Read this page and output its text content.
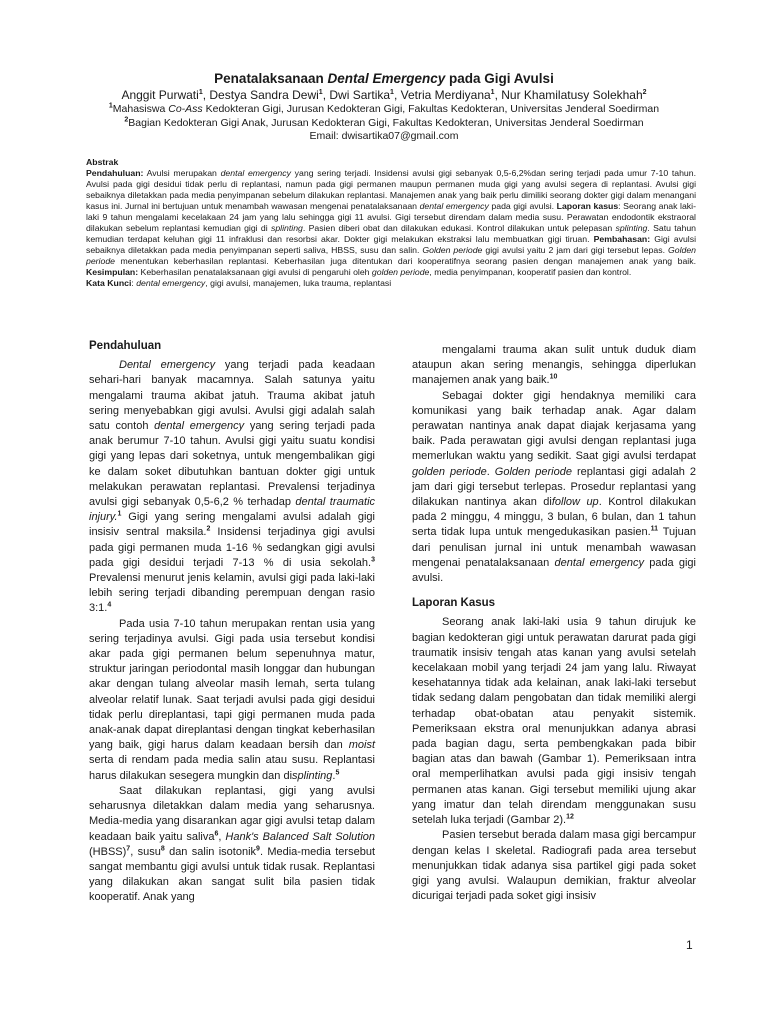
Penatalaksanaan Dental Emergency pada Gigi Avulsi
Anggit Purwati$^1$, Destya Sandra Dewi$^1$, Dwi Sartika$^1$, Vetria Merdiyana$^1$, Nur Khamilatusy Solekhah$^2$
$^1$Mahasiswa Co-Ass Kedokteran Gigi, Jurusan Kedokteran Gigi, Fakultas Kedokteran, Universitas Jenderal Soedirman
$^2$Bagian Kedokteran Gigi Anak, Jurusan Kedokteran Gigi, Fakultas Kedokteran, Universitas Jenderal Soedirman
Email: dwisartika07@gmail.com
Abstrak
Pendahuluan: Avulsi merupakan dental emergency yang sering terjadi. Insidensi avulsi gigi sebanyak 0,5-6,2%dan sering terjadi pada umur 7-10 tahun. Avulsi pada gigi desidui tidak perlu di replantasi, namun pada gigi permanen maupun permanen muda gigi yang avulsi segera di replantasi. Avulsi gigi sebaiknya diletakkan pada media penyimpanan sebelum dilakukan replantasi. Manajemen anak yang baik perlu dimiliki seorang dokter gigi dalam menangani kasus ini. Jurnal ini bertujuan untuk menambah wawasan mengenai penatalaksanaan dental emergency pada gigi avulsi. Laporan kasus: Seorang anak laki-laki 9 tahun mengalami kecelakaan 24 jam yang lalu sehingga gigi 11 avulsi. Gigi tersebut direndam dalam media susu. Perawatan endodontik ekstraoral dilakukan sebelum replantasi kemudian gigi di splinting. Pasien diberi obat dan dilakukan edukasi. Kontrol dilakukan untuk pelepasan splinting. Satu tahun kemudian terdapat keluhan gigi 11 infraklusi dan resorbsi akar. Dokter gigi melakukan ekstraksi lalu membuatkan gigi tiruan. Pembahasan: Gigi avulsi sebaiknya diletakkan pada media penyimpanan seperti saliva, HBSS, susu dan salin. Golden periode gigi avulsi yaitu 2 jam dari gigi tersebut lepas. Golden periode menentukan keberhasilan replantasi. Keberhasilan juga ditentukan dari kooperatifnya seorang pasien dengan manajemen anak yang baik. Kesimpulan: Keberhasilan penatalaksanaan gigi avulsi di pengaruhi oleh golden periode, media penyimpanan, kooperatif pasien dan kontrol.
Kata Kunci: dental emergency, gigi avulsi, manajemen, luka trauma, replantasi
Pendahuluan

Dental emergency yang terjadi pada keadaan sehari-hari banyak macamnya. Salah satunya yaitu mengalami trauma akibat jatuh. Trauma akibat jatuh sering menyebabkan gigi avulsi. Avulsi gigi adalah salah satu contoh dental emergency yang sering terjadi pada anak berumur 7-10 tahun. Avulsi gigi yaitu suatu kondisi gigi yang lepas dari soketnya, untuk mengembalikan gigi ke dalam soket dibutuhkan bantuan dokter gigi untuk melakukan perawatan replantasi. Prevalensi terjadinya avulsi gigi sebanyak 0,5-6,2 % terhadap dental traumatic injury.$^1$ Gigi yang sering mengalami avulsi adalah gigi insisiv sentral maksila.$^2$ Insidensi terjadinya gigi avulsi pada gigi permanen muda 1-16 % sedangkan gigi avulsi pada gigi desidui terjadi 7-13 % di usia sekolah.$^3$ Prevalensi menurut jenis kelamin, avulsi gigi pada laki-laki lebih sering terjadi dibanding perempuan dengan rasio 3:1.$^4$

Pada usia 7-10 tahun merupakan rentan usia yang sering terjadinya avulsi. Gigi pada usia tersebut kondisi akar pada gigi permanen belum sepenuhnya matur, struktur jaringan periodontal masih longgar dan hubungan akar dengan tulang alveolar masih lemah, serta tulang alveolar relatif lunak. Saat terjadi avulsi pada gigi desidui tidak perlu direplantasi, tapi gigi permanen muda pada anak-anak dapat direplantasi dengan tingkat keberhasilan yang baik, gigi harus dalam keadaan bersih dan moist serta di rendam pada media salin atau susu. Replantasi harus dilakukan sesegera mungkin dan displinting.$^5$

Saat dilakukan replantasi, gigi yang avulsi seharusnya diletakkan dalam media yang seharusnya. Media-media yang disarankan agar gigi avulsi tetap dalam keadaan baik yaitu saliva$^6$, Hank's Balanced Salt Solution (HBSS)$^7$, susu$^8$ dan salin isotonik$^9$. Media-media tersebut sangat membantu gigi avulsi untuk tidak rusak. Replantasi yang dilakukan akan sangat sulit bila pasien tidak kooperatif. Anak yang

mengalami trauma akan sulit untuk duduk diam ataupun akan sering menangis, sehingga diperlukan manajemen anak yang baik.$^{10}$

Sebagai dokter gigi hendaknya memiliki cara komunikasi yang baik terhadap anak. Agar dalam perawatan nantinya anak dapat diajak kerjasama yang baik. Pada perawatan gigi avulsi dengan replantasi juga memerlukan waktu yang sedikit. Saat gigi avulsi terdapat golden periode. Golden periode replantasi gigi adalah 2 jam dari gigi tersebut terlepas. Prosedur replantasi yang dilakukan nantinya akan difollow up. Kontrol dilakukan pada 2 minggu, 4 minggu, 3 bulan, 6 bulan, dan 1 tahun serta tidak lupa untuk mengedukasikan pasien.$^{11}$ Tujuan dari penulisan jurnal ini untuk menambah wawasan mengenai penatalaksanaan dental emergency pada gigi avulsi.

Laporan Kasus

Seorang anak laki-laki usia 9 tahun dirujuk ke bagian kedokteran gigi untuk perawatan darurat pada gigi traumatik insisiv tengah atas kanan yang avulsi setelah kecelakaan mobil yang terjadi 24 jam yang lalu. Riwayat kesehatannya tidak ada kelainan, anak laki-laki tersebut tidak sedang dalam pengobatan dan tidak memiliki alergi terhadap obat-obatan atau penyakit sistemik. Pemeriksaan ekstra oral menunjukkan adanya abrasi pada bagian dagu, serta pembengkakan pada bibir bagian atas dan bawah (Gambar 1). Pemeriksaan intra oral memperlihatkan avulsi pada gigi insisiv tengah permanen atas kanan. Gigi tersebut memiliki ujung akar yang imatur dan telah direndam menggunakan susu setelah luka terjadi (Gambar 2).$^{12}$

Pasien tersebut berada dalam masa gigi bercampur dengan kelas I skeletal. Radiografi pada area tersebut menunjukkan tidak adanya sisa partikel gigi pada soket gigi yang avulsi. Walaupun demikian, fraktur alveolar dicurigai terjadi pada soket gigi insisiv

1
